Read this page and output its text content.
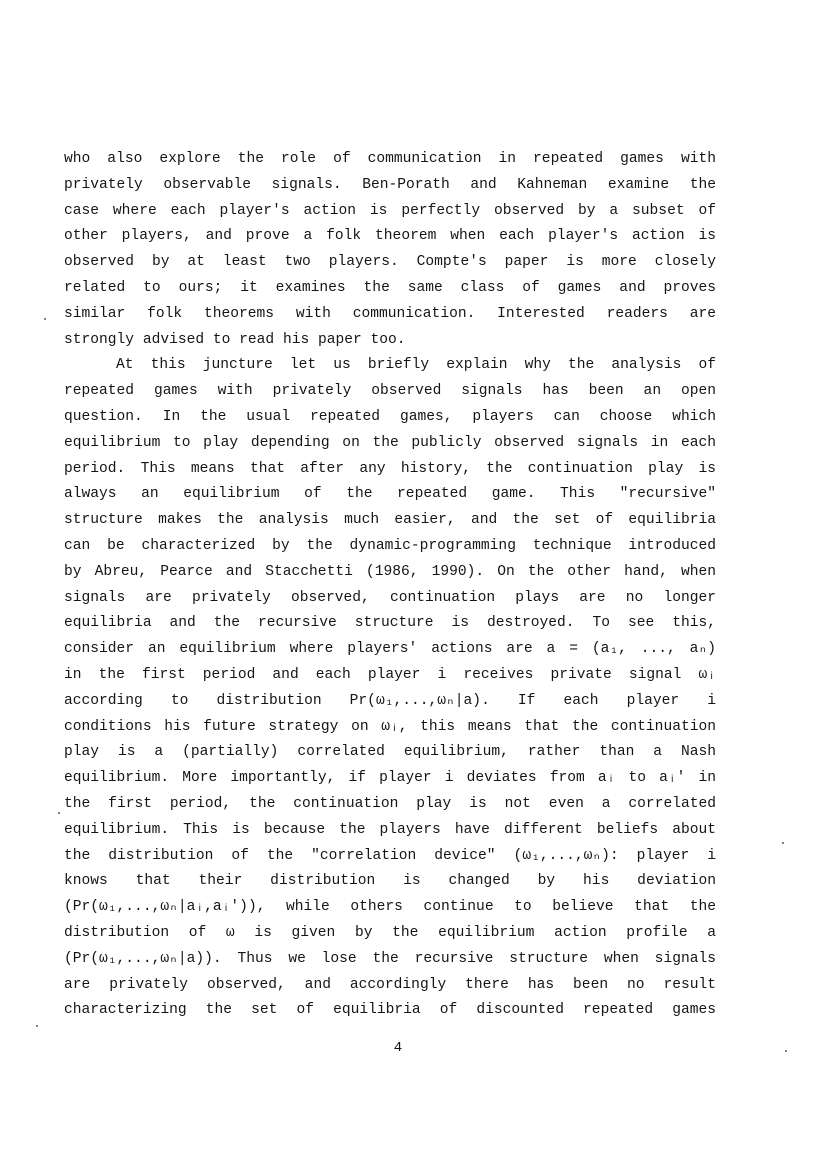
who also explore the role of communication in repeated games with
privately observable signals. Ben-Porath and Kahneman examine the
case where each player's action is perfectly observed by a subset of
other players, and prove a folk theorem when each player's action is
observed by at least two players. Compte's paper is more closely
related to ours; it examines the same class of games and proves
similar folk theorems with communication. Interested readers are
strongly advised to read his paper too.
At this juncture let us briefly explain why the analysis of
repeated games with privately observed signals has been an open
question. In the usual repeated games, players can choose which
equilibrium to play depending on the publicly observed signals in each
period. This means that after any history, the continuation play is
always an equilibrium of the repeated game. This "recursive"
structure makes the analysis much easier, and the set of equilibria
can be characterized by the dynamic-programming technique introduced
by Abreu, Pearce and Stacchetti (1986, 1990). On the other hand, when
signals are privately observed, continuation plays are no longer
equilibria and the recursive structure is destroyed. To see this,
consider an equilibrium where players' actions are a = (a₁, ..., aₙ)
in the first period and each player i receives private signal ωᵢ
according to distribution Pr(ω₁,...,ωₙ|a). If each player i
conditions his future strategy on ωᵢ, this means that the continuation
play is a (partially) correlated equilibrium, rather than a Nash
equilibrium. More importantly, if player i deviates from aᵢ to aᵢ' in
the first period, the continuation play is not even a correlated
equilibrium. This is because the players have different beliefs about
the distribution of the "correlation device" (ω₁,...,ωₙ): player i
knows that their distribution is changed by his deviation
(Pr(ω₁,...,ωₙ|aᵢ,aᵢ')), while others continue to believe that the
distribution of ω is given by the equilibrium action profile a
(Pr(ω₁,...,ωₙ|a)). Thus we lose the recursive structure when signals
are privately observed, and accordingly there has been no result
characterizing the set of equilibria of discounted repeated games
4
